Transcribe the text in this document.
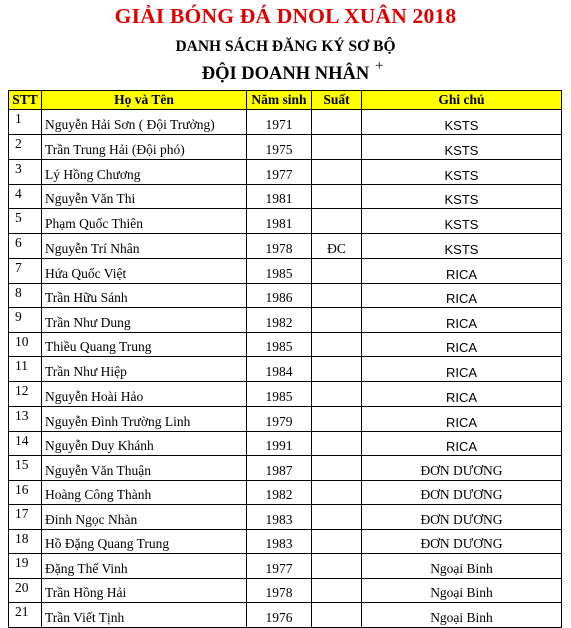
GIẢI BÓNG ĐÁ DNOL XUÂN 2018
DANH SÁCH ĐĂNG KÝ SƠ BỘ
ĐỘI DOANH NHÂN +
STT	Họ và Tên	Năm sinh	Suất	Ghi chú
1	Nguyễn Hải Sơn ( Đội Trưởng)	1971		KSTS
2	Trần Trung Hải (Đội phó)	1975		KSTS
3	Lý Hồng Chương	1977		KSTS
4	Nguyễn Văn Thi	1981		KSTS
5	Phạm Quốc Thiên	1981		KSTS
6	Nguyễn Trí Nhân	1978	ĐC	KSTS
7	Hứa Quốc Việt	1985		RICA
8	Trần Hữu Sánh	1986		RICA
9	Trần Như Dung	1982		RICA
10	Thiều Quang Trung	1985		RICA
11	Trần Như Hiệp	1984		RICA
12	Nguyễn Hoài Hảo	1985		RICA
13	Nguyễn Đình Trường Linh	1979		RICA
14	Nguyễn Duy Khánh	1991		RICA
15	Nguyễn Văn Thuận	1987		ĐƠN DƯƠNG
16	Hoàng Công Thành	1982		ĐƠN DƯƠNG
17	Đinh Ngọc Nhàn	1983		ĐƠN DƯƠNG
18	Hồ Đặng Quang Trung	1983		ĐƠN DƯƠNG
19	Đặng Thế Vinh	1977		Ngoại Binh
20	Trần Hồng Hải	1978		Ngoại Binh
21	Trần Viết Tịnh	1976		Ngoại Binh
